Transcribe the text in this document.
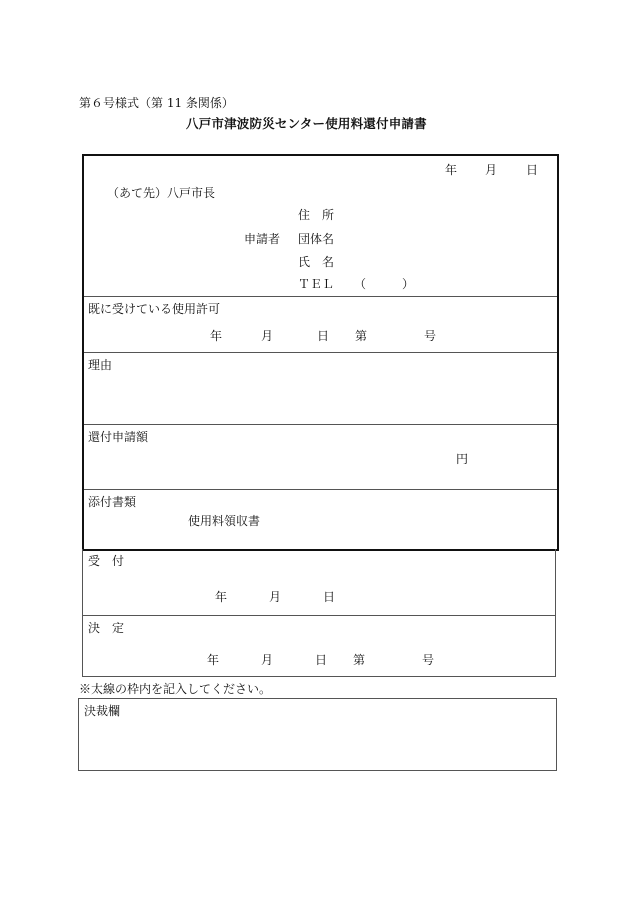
第６号様式（第 11 条関係）
八戸市津波防災センター使用料還付申請書
年 月 日
（あて先）八戸市長
住　所
申請者 団体名
氏　名
ＴＥＬ （	）
既に受けている使用許可
年	月	日 第	号
理由
還付申請額
円
添付書類
使用料領収書
受　付
年	月	日
決　定
年	月	日 第	号
※太線の枠内を記入してください。
決裁欄
